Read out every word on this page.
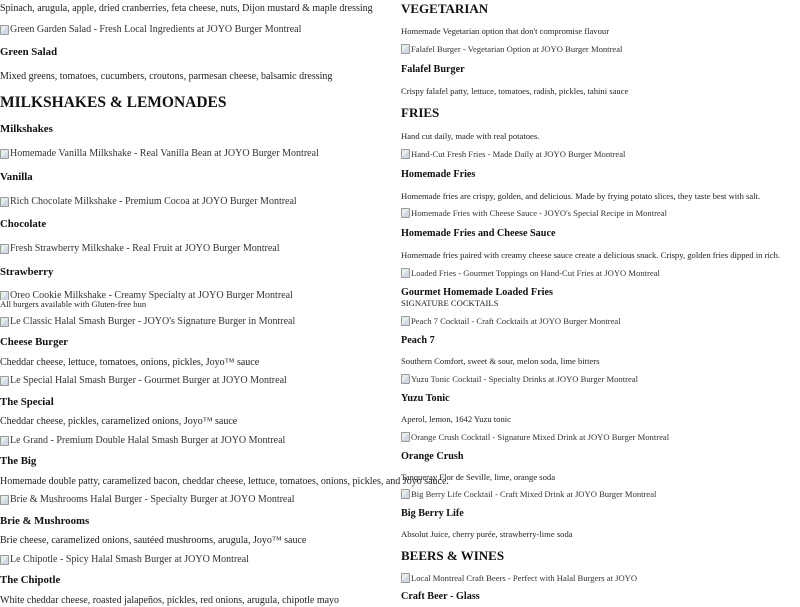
Spinach, arugula, apple, dried cranberries, feta cheese, nuts, Dijon mustard & maple dressing
Green Garden Salad - Fresh Local Ingredients at JOYO Burger Montreal
Green Salad
Mixed greens, tomatoes, cucumbers, croutons, parmesan cheese, balsamic dressing
MILKSHAKES & LEMONADES
Milkshakes
Homemade Vanilla Milkshake - Real Vanilla Bean at JOYO Burger Montreal
Vanilla
Rich Chocolate Milkshake - Premium Cocoa at JOYO Burger Montreal
Chocolate
Fresh Strawberry Milkshake - Real Fruit at JOYO Burger Montreal
Strawberry
Oreo Cookie Milkshake - Creamy Specialty at JOYO Burger Montreal
All burgers available with Gluten-free bun
Le Classic Halal Smash Burger - JOYO's Signature Burger in Montreal
Cheese Burger
Cheddar cheese, lettuce, tomatoes, onions, pickles, Joyo™ sauce
Le Special Halal Smash Burger - Gourmet Burger at JOYO Montreal
The Special
Cheddar cheese, pickles, caramelized onions, Joyo™ sauce
Le Grand - Premium Double Halal Smash Burger at JOYO Montreal
The Big
Homemade double patty, caramelized bacon, cheddar cheese, lettuce, tomatoes, onions, pickles, and Joyo sauce.
Brie & Mushrooms Halal Burger - Specialty Burger at JOYO Montreal
Brie & Mushrooms
Brie cheese, caramelized onions, sautéed mushrooms, arugula, Joyo™ sauce
Le Chipotle - Spicy Halal Smash Burger at JOYO Montreal
The Chipotle
White cheddar cheese, roasted jalapeños, pickles, red onions, arugula, chipotle mayo
VEGETARIAN
Homemade Vegetarian option that don't compromise flavour
Falafel Burger - Vegetarian Option at JOYO Burger Montreal
Falafel Burger
Crispy falafel patty, lettuce, tomatoes, radish, pickles, tahini sauce
FRIES
Hand cut daily, made with real potatoes.
Hand-Cut Fresh Fries - Made Daily at JOYO Burger Montreal
Homemade Fries
Homemade fries are crispy, golden, and delicious. Made by frying potato slices, they taste best with salt.
Homemade Fries with Cheese Sauce - JOYO's Special Recipe in Montreal
Homemade Fries and Cheese Sauce
Homemade fries paired with creamy cheese sauce create a delicious snack. Crispy, golden fries dipped in rich.
Loaded Fries - Gourmet Toppings on Hand-Cut Fries at JOYO Montreal
Gourmet Homemade Loaded Fries
SIGNATURE COCKTAILS
Peach 7 Cocktail - Craft Cocktails at JOYO Burger Montreal
Peach 7
Southern Comfort, sweet & sour, melon soda, lime bitters
Yuzu Tonic Cocktail - Specialty Drinks at JOYO Burger Montreal
Yuzu Tonic
Aperol, lemon, 1642 Yuzu tonic
Orange Crush Cocktail - Signature Mixed Drink at JOYO Burger Montreal
Orange Crush
Tanqueray Flor de Seville, lime, orange soda
Big Berry Life Cocktail - Craft Mixed Drink at JOYO Burger Montreal
Big Berry Life
Absolut Juice, cherry purée, strawberry-lime soda
BEERS & WINES
Local Montreal Craft Beers - Perfect with Halal Burgers at JOYO
Craft Beer - Glass
